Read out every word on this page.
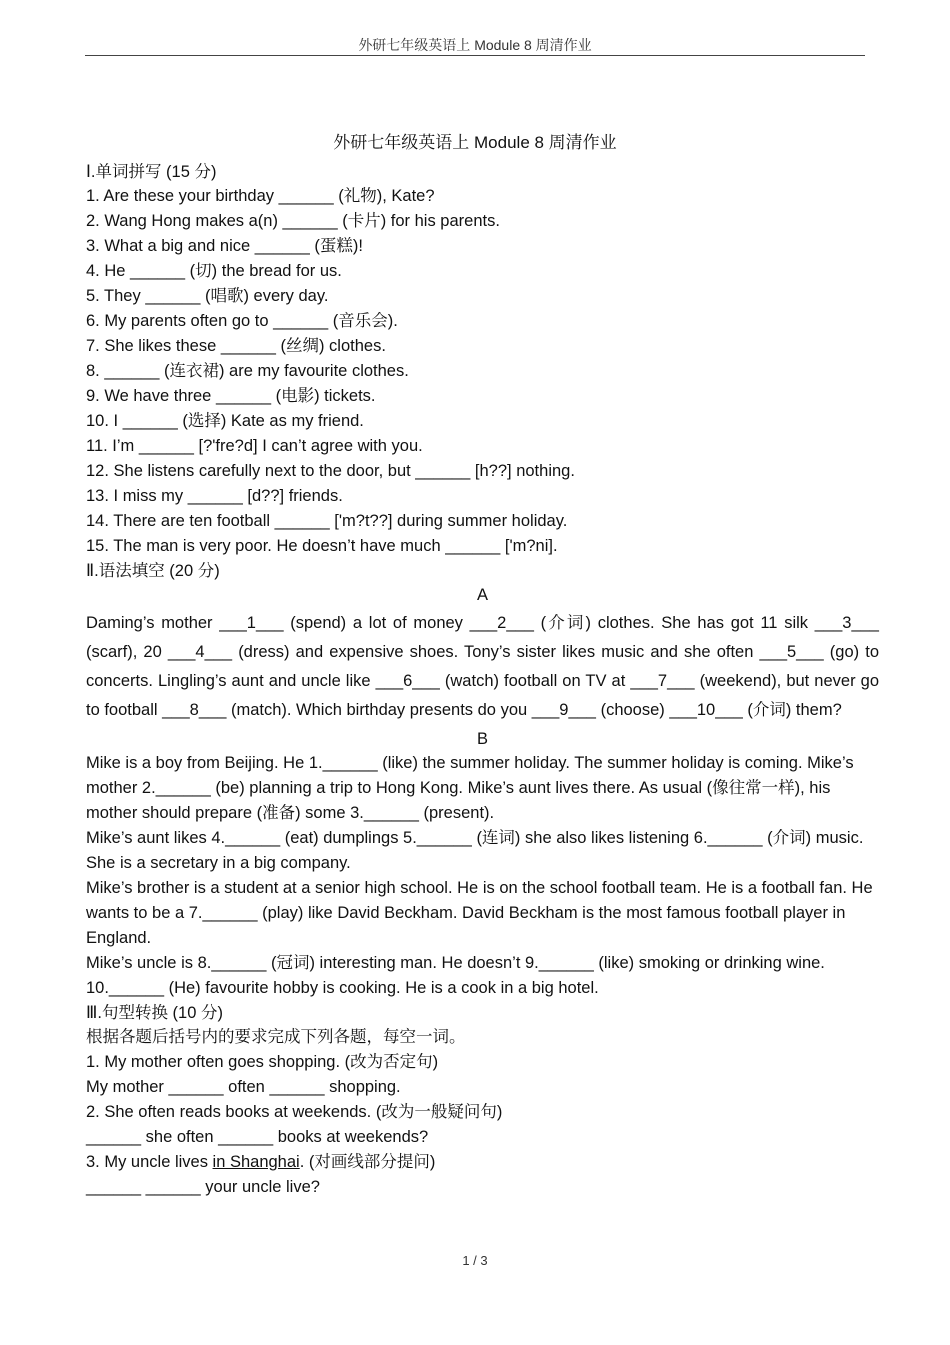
外研七年级英语上 Module 8 周清作业
外研七年级英语上 Module 8 周清作业
Ⅰ.单词拼写 (15 分)
1. Are these your birthday ______ (礼物), Kate?
2. Wang Hong makes a(n) ______ (卡片) for his parents.
3. What a big and nice ______ (蛋糕)!
4. He ______ (切) the bread for us.
5. They ______ (唱歌) every day.
6. My parents often go to ______ (音乐会).
7. She likes these ______ (丝绸) clothes.
8. ______ (连衣裙) are my favourite clothes.
9. We have three ______ (电影) tickets.
10. I ______ (选择) Kate as my friend.
11. I’m ______ [?'fre?d] I can’t agree with you.
12. She listens carefully next to the door, but ______ [h??] nothing.
13. I miss my ______ [d??] friends.
14. There are ten football ______ ['m?t??] during summer holiday.
15. The man is very poor. He doesn’t have much ______ ['m?ni].
Ⅱ.语法填空 (20 分)
A
Daming’s mother ___1___ (spend) a lot of money ___2___ (介词) clothes. She has got 11 silk ___3___ (scarf), 20 ___4___ (dress) and expensive shoes. Tony’s sister likes music and she often ___5___ (go) to concerts. Lingling’s aunt and uncle like ___6___ (watch) football on TV at ___7___ (weekend), but never go to football ___8___ (match). Which birthday presents do you ___9___ (choose) ___10___ (介词) them?
B
Mike is a boy from Beijing. He 1.______ (like) the summer holiday. The summer holiday is coming. Mike’s mother 2.______ (be) planning a trip to Hong Kong. Mike’s aunt lives there. As usual (像往常一样), his mother should prepare (准备) some 3.______ (present).
Mike’s aunt likes 4.______ (eat) dumplings 5.______ (连词) she also likes listening 6.______ (介词) music. She is a secretary in a big company.
Mike’s brother is a student at a senior high school. He is on the school football team. He is a football fan. He wants to be a 7.______ (play) like David Beckham. David Beckham is the most famous football player in England.
Mike’s uncle is 8.______ (冠词) interesting man. He doesn’t 9.______ (like) smoking or drinking wine. 10.______ (He) favourite hobby is cooking. He is a cook in a big hotel.
Ⅲ.句型转换 (10 分)
根据各题后括号内的要求完成下列各题，每空一词。
1. My mother often goes shopping. (改为否定句)
My mother ______ often ______ shopping.
2. She often reads books at weekends. (改为一般疑问句)
______ she often ______ books at weekends?
3. My uncle lives in Shanghai. (对画线部分提问)
______ ______ your uncle live?
1 / 3
